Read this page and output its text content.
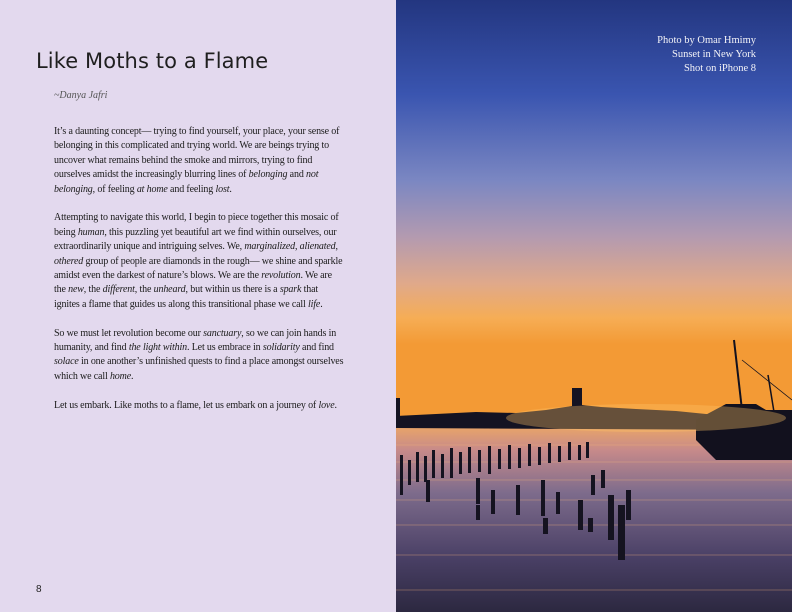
Like Moths to a Flame
~Danya Jafri

It’s a daunting concept— trying to find yourself, your place, your sense of belonging in this complicated and trying world. We are beings trying to uncover what remains behind the smoke and mirrors, trying to find ourselves amidst the increasingly blurring lines of belonging and not belonging, of feeling at home and feeling lost.

Attempting to navigate this world, I begin to piece together this mosaic of being human, this puzzling yet beautiful art we find within ourselves, our extraordinarily unique and intriguing selves. We, marginalized, alienated, othered group of people are diamonds in the rough— we shine and sparkle amidst even the darkest of nature’s blows. We are the revolution. We are the new, the different, the unheard, but within us there is a spark that ignites a flame that guides us along this transitional phase we call life.

So we must let revolution become our sanctuary, so we can join hands in humanity, and find the light within. Let us embrace in solidarity and find solace in one another’s unfinished quests to find a place amongst ourselves which we call home.

Let us embark. Like moths to a flame, let us embark on a journey of love.

8
Photo by Omar Hmimy
Sunset in New York
Shot on iPhone 8
